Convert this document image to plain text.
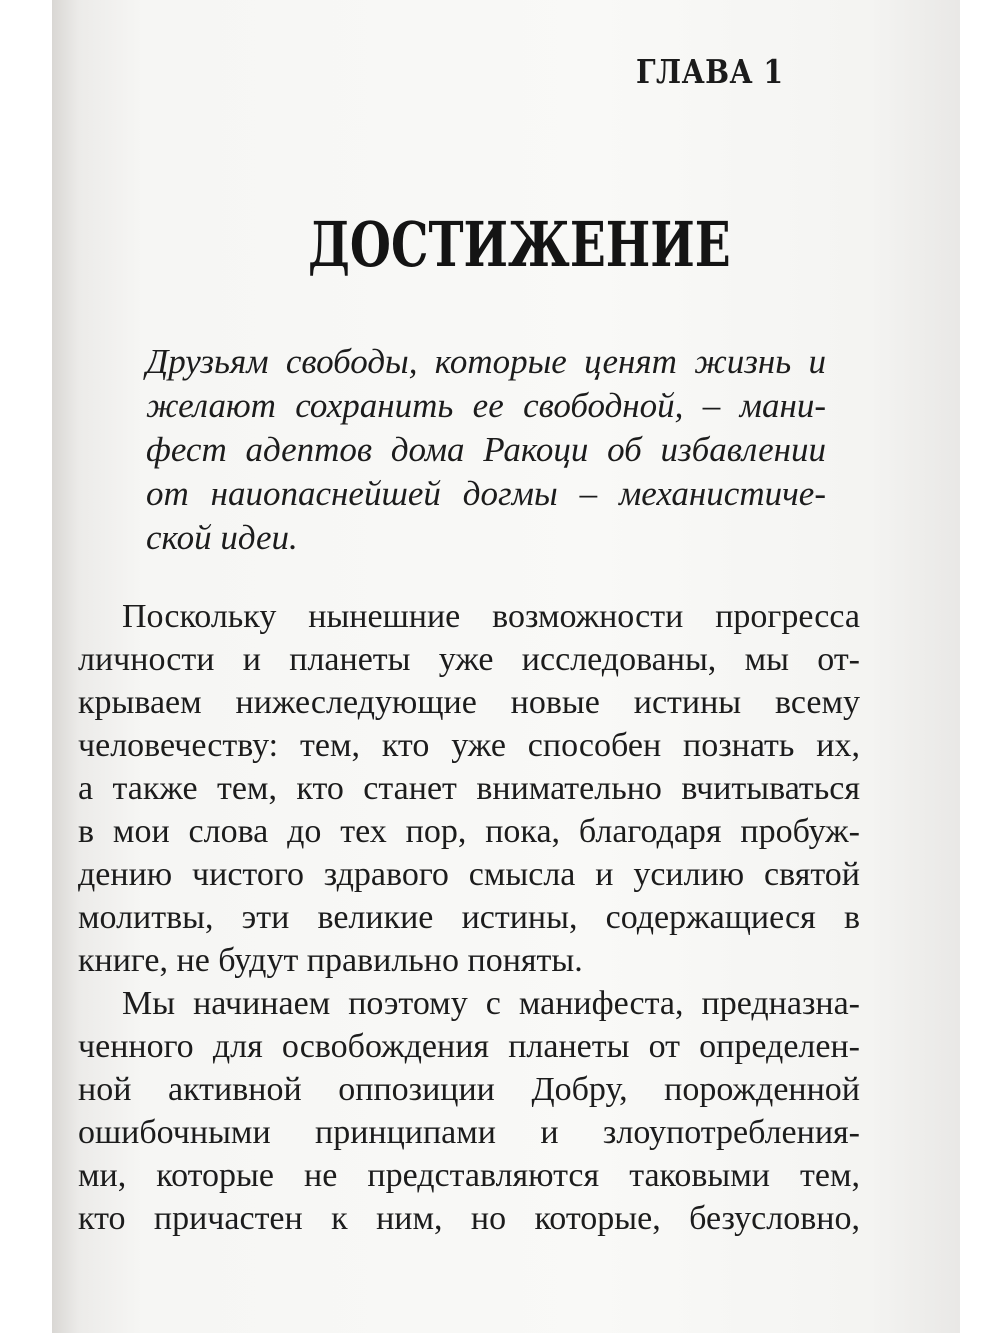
ГЛАВА 1
ДОСТИЖЕНИЕ
Друзьям свободы, которые ценят жизнь и
желают сохранить ее свободной, – мани-
фест адептов дома Ракоци об избавлении
от наиопаснейшей догмы – механистиче-
ской идеи.

Поскольку нынешние возможности прогресса
личности и планеты уже исследованы, мы от-
крываем нижеследующие новые истины всему
человечеству: тем, кто уже способен познать их,
а также тем, кто станет внимательно вчитываться
в мои слова до тех пор, пока, благодаря пробуж-
дению чистого здравого смысла и усилию святой
молитвы, эти великие истины, содержащиеся в
книге, не будут правильно поняты.

Мы начинаем поэтому с манифеста, предназна-
ченного для освобождения планеты от определен-
ной активной оппозиции Добру, порожденной
ошибочными принципами и злоупотребления-
ми, которые не представляются таковыми тем,
кто причастен к ним, но которые, безусловно,
